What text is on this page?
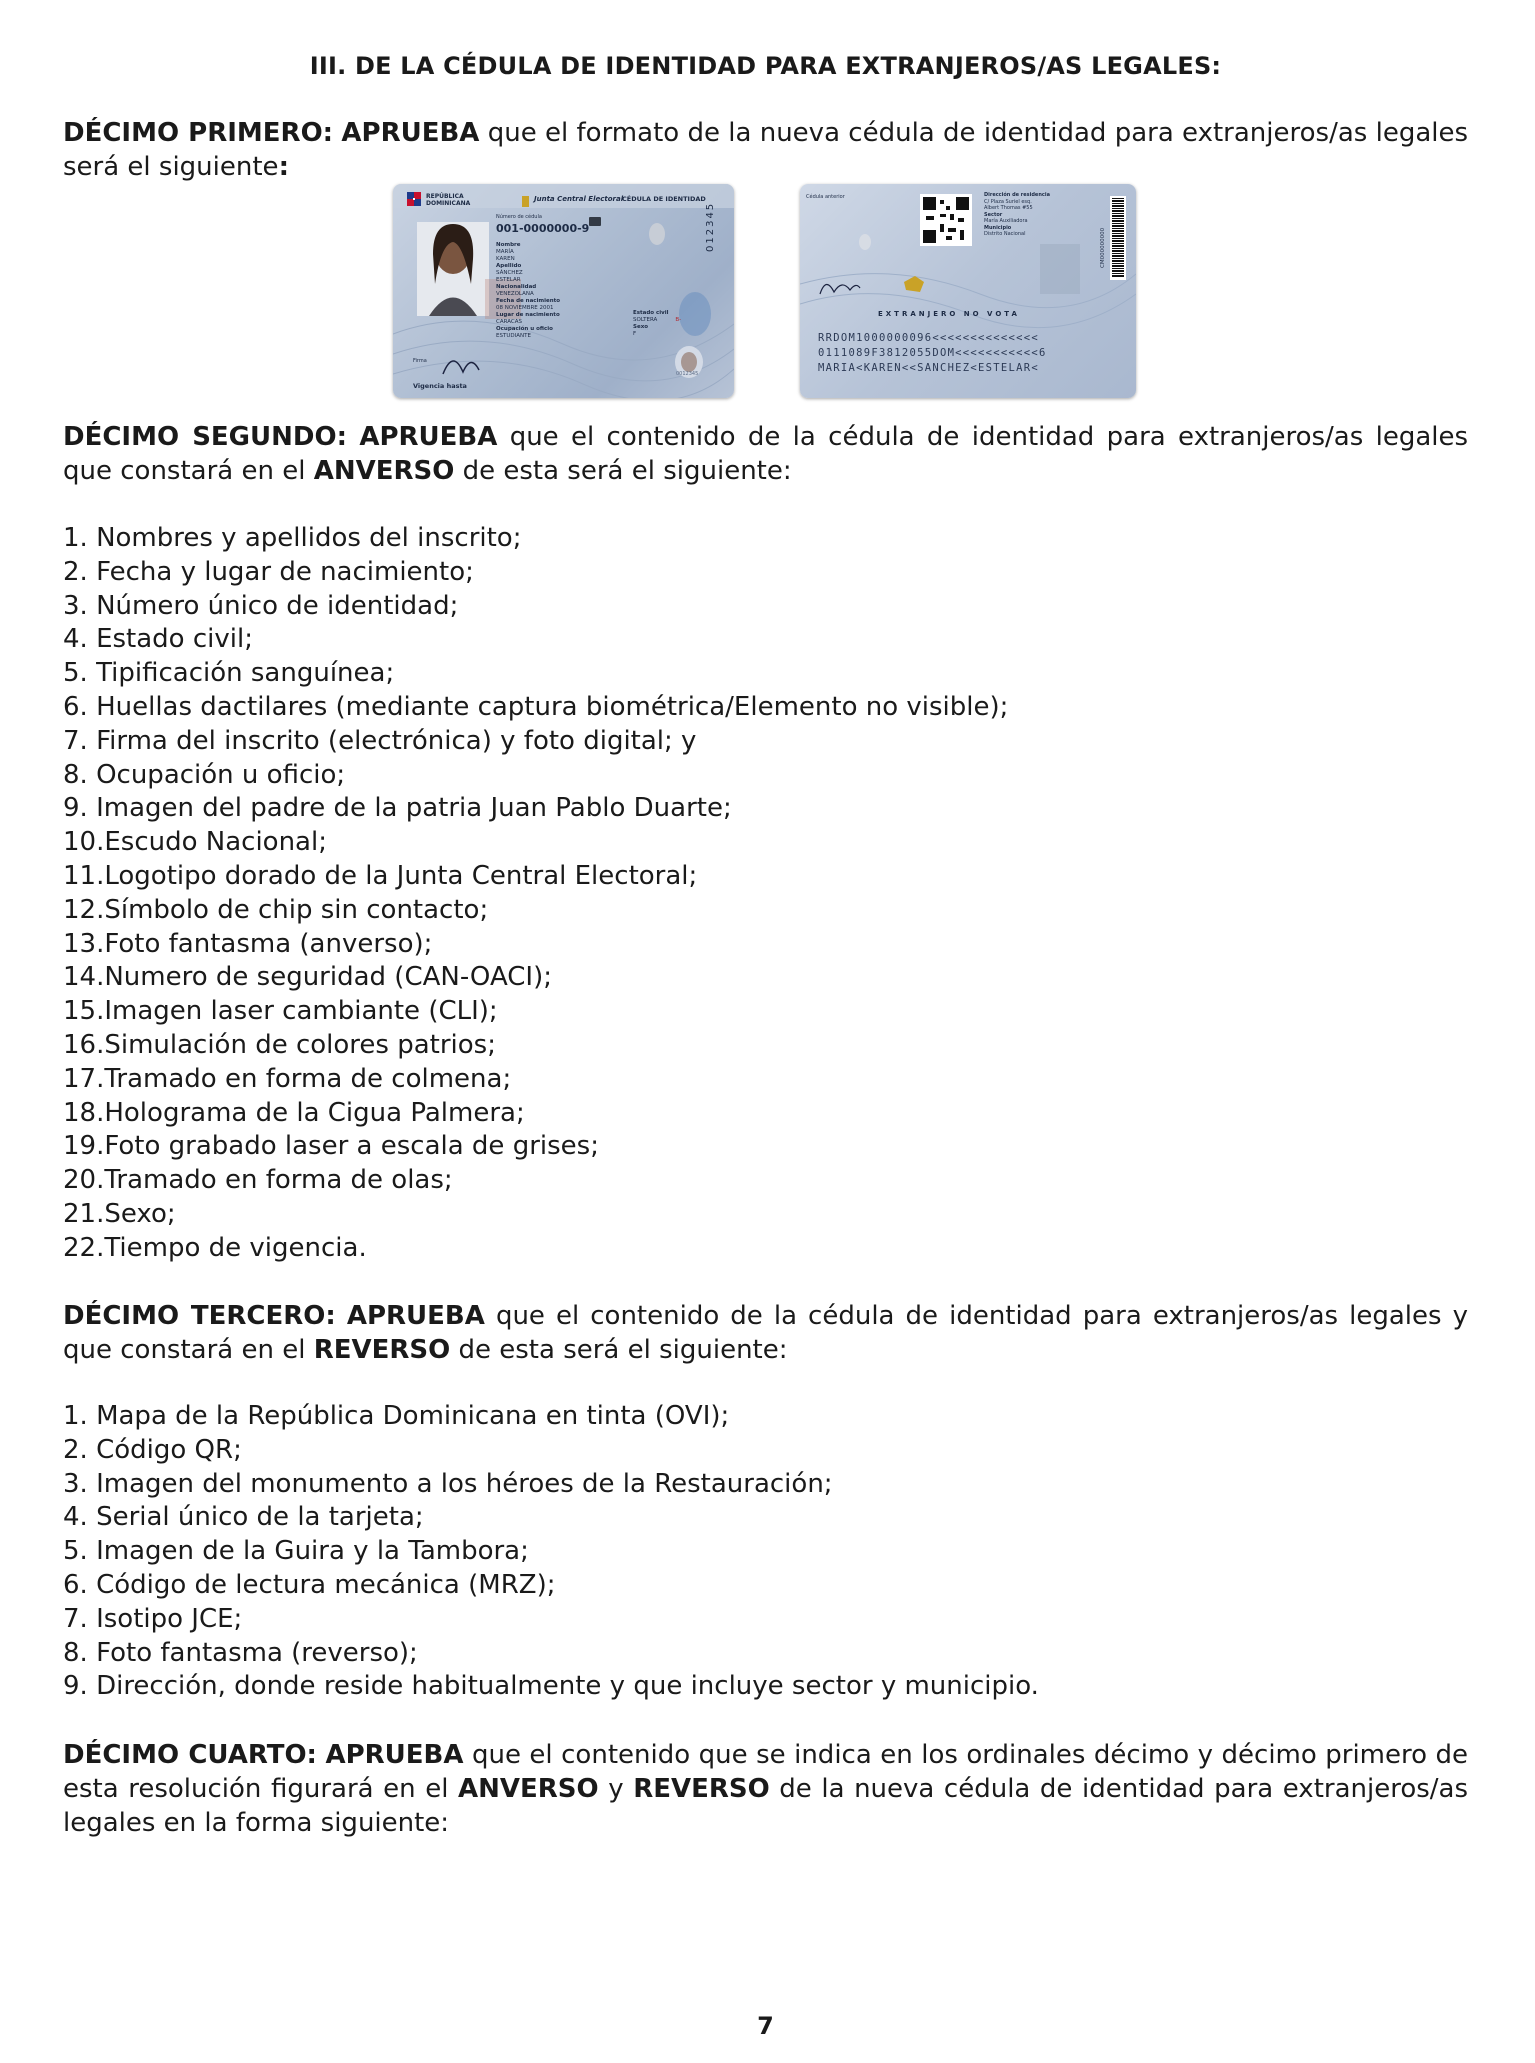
III. DE LA CÉDULA DE IDENTIDAD PARA EXTRANJEROS/AS LEGALES:
DÉCIMO PRIMERO: APRUEBA que el formato de la nueva cédula de identidad para extranjeros/as legales será el siguiente:
REPÚBLICA
DOMINICANA
Junta Central Electoral
CÉDULA DE IDENTIDAD
Número de cédula
001-0000000-9	012345
Nombre
MARÍA
KAREN
Apellido
SÁNCHEZ
ESTELAR
Nacionalidad
VENEZOLANA
Fecha de nacimiento
08 NOVIEMBRE 2001
Lugar de nacimiento
CARACAS
Ocupación u oficio
ESTUDIANTE
Estado civil
SOLTERA	B-
Sexo
F
Firma
Vigencia hasta
0012345
Cédula anterior	Dirección de residencia
C/ Plaza Suriel esq.
Albert Thomas #55
Sector
María Auxiliadora
Municipio
Distrito Nacional	CM000000000
EXTRANJERO NO VOTA
RRDOM1000000096<<<<<<<<<<<<<<
0111089F3812055DOM<<<<<<<<<<<6
MARIA<KAREN<<SANCHEZ<ESTELAR<
DÉCIMO SEGUNDO: APRUEBA que el contenido de la cédula de identidad para extranjeros/as legales que constará en el ANVERSO de esta será el siguiente:
1. Nombres y apellidos del inscrito;
2. Fecha y lugar de nacimiento;
3. Número único de identidad;
4. Estado civil;
5. Tipificación sanguínea;
6. Huellas dactilares (mediante captura biométrica/Elemento no visible);
7. Firma del inscrito (electrónica) y foto digital; y
8. Ocupación u oficio;
9. Imagen del padre de la patria Juan Pablo Duarte;
10.Escudo Nacional;
11.Logotipo dorado de la Junta Central Electoral;
12.Símbolo de chip sin contacto;
13.Foto fantasma (anverso);
14.Numero de seguridad (CAN-OACI);
15.Imagen laser cambiante (CLI);
16.Simulación de colores patrios;
17.Tramado en forma de colmena;
18.Holograma de la Cigua Palmera;
19.Foto grabado laser a escala de grises;
20.Tramado en forma de olas;
21.Sexo;
22.Tiempo de vigencia.
DÉCIMO TERCERO: APRUEBA que el contenido de la cédula de identidad para extranjeros/as legales y que constará en el REVERSO de esta será el siguiente:
1. Mapa de la República Dominicana en tinta (OVI);
2. Código QR;
3. Imagen del monumento a los héroes de la Restauración;
4. Serial único de la tarjeta;
5. Imagen de la Guira y la Tambora;
6. Código de lectura mecánica (MRZ);
7. Isotipo JCE;
8. Foto fantasma (reverso);
9. Dirección, donde reside habitualmente y que incluye sector y municipio.
DÉCIMO CUARTO: APRUEBA que el contenido que se indica en los ordinales décimo y décimo primero de esta resolución figurará en el ANVERSO y REVERSO de la nueva cédula de identidad para extranjeros/as legales en la forma siguiente:
7
